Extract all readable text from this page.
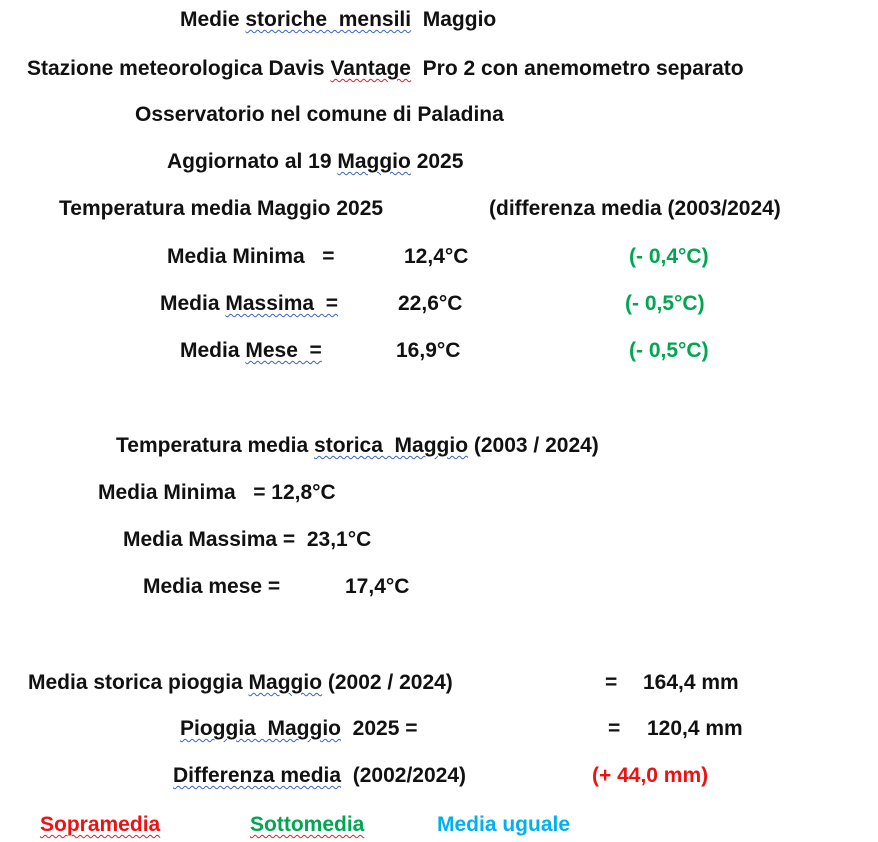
Medie storiche  mensili  Maggio
Stazione meteorologica Davis Vantage  Pro 2 con anemometro separato
Osservatorio nel comune di Paladina
Aggiornato al 19 Maggio 2025
Temperatura media Maggio 2025	(differenza media (2003/2024)
Media Minima   =	12,4°C	(- 0,4°C)
Media Massima  =	22,6°C	(- 0,5°C)
Media Mese  =	16,9°C	(- 0,5°C)
Temperatura media storica  Maggio (2003 / 2024)
Media Minima   = 12,8°C
Media Massima =  23,1°C
Media mese =	17,4°C
Media storica pioggia Maggio (2002 / 2024)	= 164,4 mm
Pioggia  Maggio  2025 =	= 120,4 mm
Differenza media  (2002/2024)	(+ 44,0 mm)
Sopramedia	Sottomedia	Media uguale
